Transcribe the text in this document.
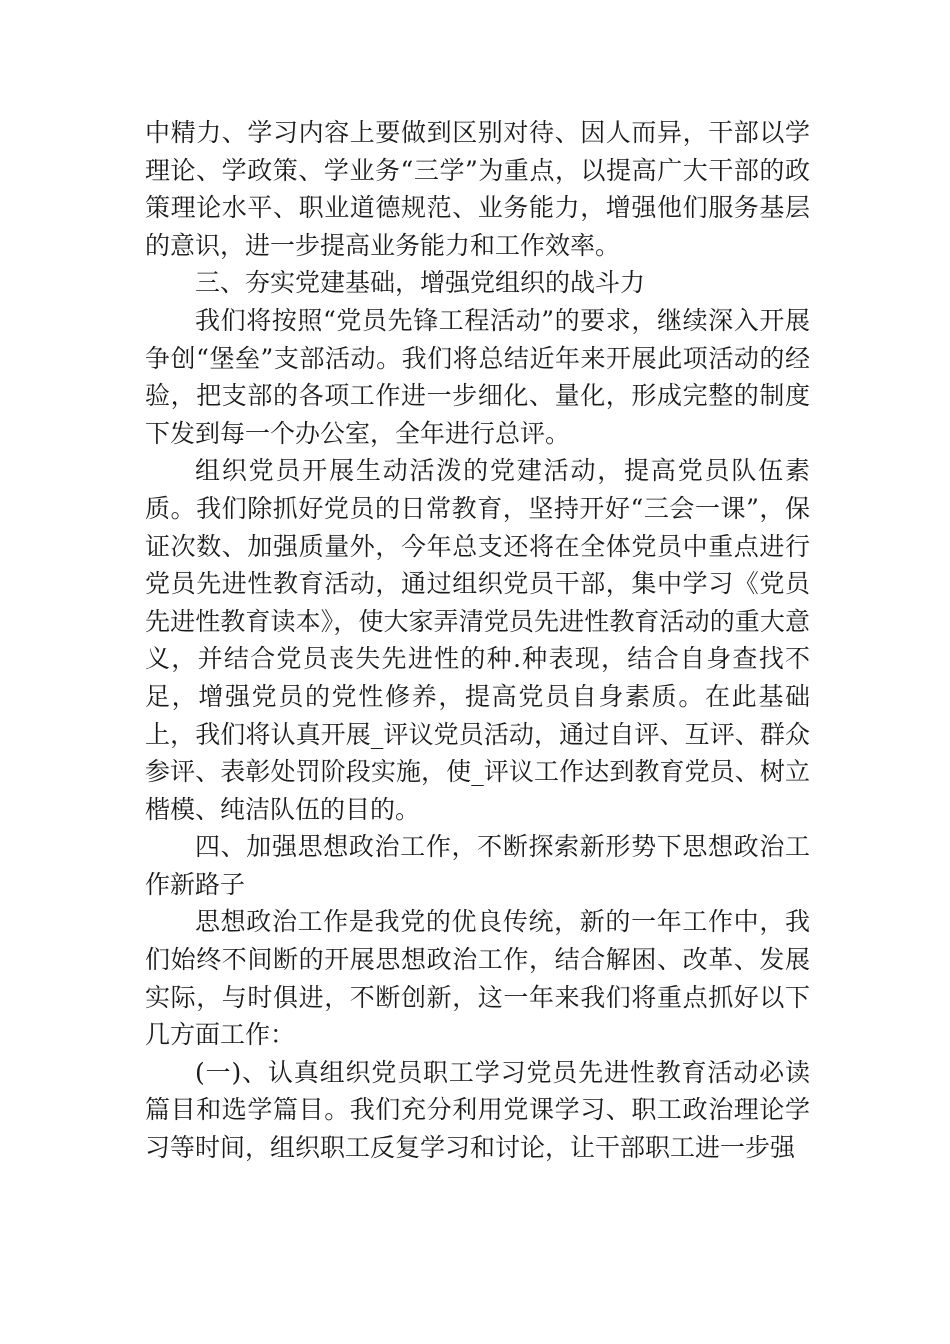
中精力、学习内容上要做到区别对待、因人而异，干部以学理论、学政策、学业务“三学”为重点，以提高广大干部的政策理论水平、职业道德规范、业务能力，增强他们服务基层的意识，进一步提高业务能力和工作效率。

三、夯实党建基础，增强党组织的战斗力

我们将按照“党员先锋工程活动”的要求，继续深入开展争创“堡垒”支部活动。我们将总结近年来开展此项活动的经验，把支部的各项工作进一步细化、量化，形成完整的制度下发到每一个办公室，全年进行总评。

组织党员开展生动活泼的党建活动，提高党员队伍素质。我们除抓好党员的日常教育，坚持开好“三会一课”，保证次数、加强质量外，今年总支还将在全体党员中重点进行党员先进性教育活动，通过组织党员干部，集中学习《党员先进性教育读本》，使大家弄清党员先进性教育活动的重大意义，并结合党员丧失先进性的种.种表现，结合自身查找不足，增强党员的党性修养，提高党员自身素质。在此基础上，我们将认真开展_评议党员活动，通过自评、互评、群众参评、表彰处罚阶段实施，使_评议工作达到教育党员、树立楷模、纯洁队伍的目的。

四、加强思想政治工作，不断探索新形势下思想政治工作新路子

思想政治工作是我党的优良传统，新的一年工作中，我们始终不间断的开展思想政治工作，结合解困、改革、发展实际，与时俱进，不断创新，这一年来我们将重点抓好以下几方面工作：

(一)、认真组织党员职工学习党员先进性教育活动必读篇目和选学篇目。我们充分利用党课学习、职工政治理论学习等时间，组织职工反复学习和讨论，让干部职工进一步强
